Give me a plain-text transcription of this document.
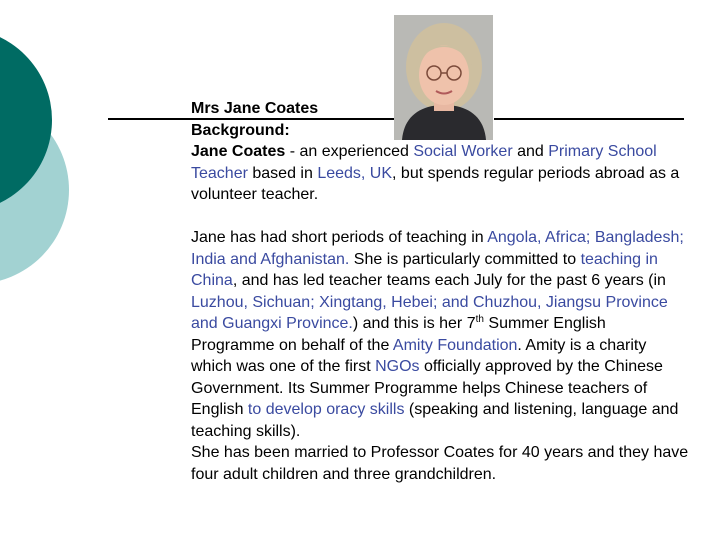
Mrs Jane Coates

Background:

Jane Coates - an experienced Social Worker and Primary School Teacher based in Leeds, UK, but spends regular periods abroad as a volunteer teacher.

Jane has had short periods of teaching in Angola, Africa; Bangladesh; India and Afghanistan. She is particularly committed to teaching in China, and has led teacher teams each July for the past 6 years (in Luzhou, Sichuan; Xingtang, Hebei; and Chuzhou, Jiangsu Province and Guangxi Province.) and this is her 7th Summer English Programme on behalf of the Amity Foundation. Amity is a charity which was one of the first NGOs officially approved by the Chinese Government. Its Summer Programme helps Chinese teachers of English to develop oracy skills (speaking and listening, language and teaching skills).

She has been married to Professor Coates for 40 years and they have four adult children and three grandchildren.
